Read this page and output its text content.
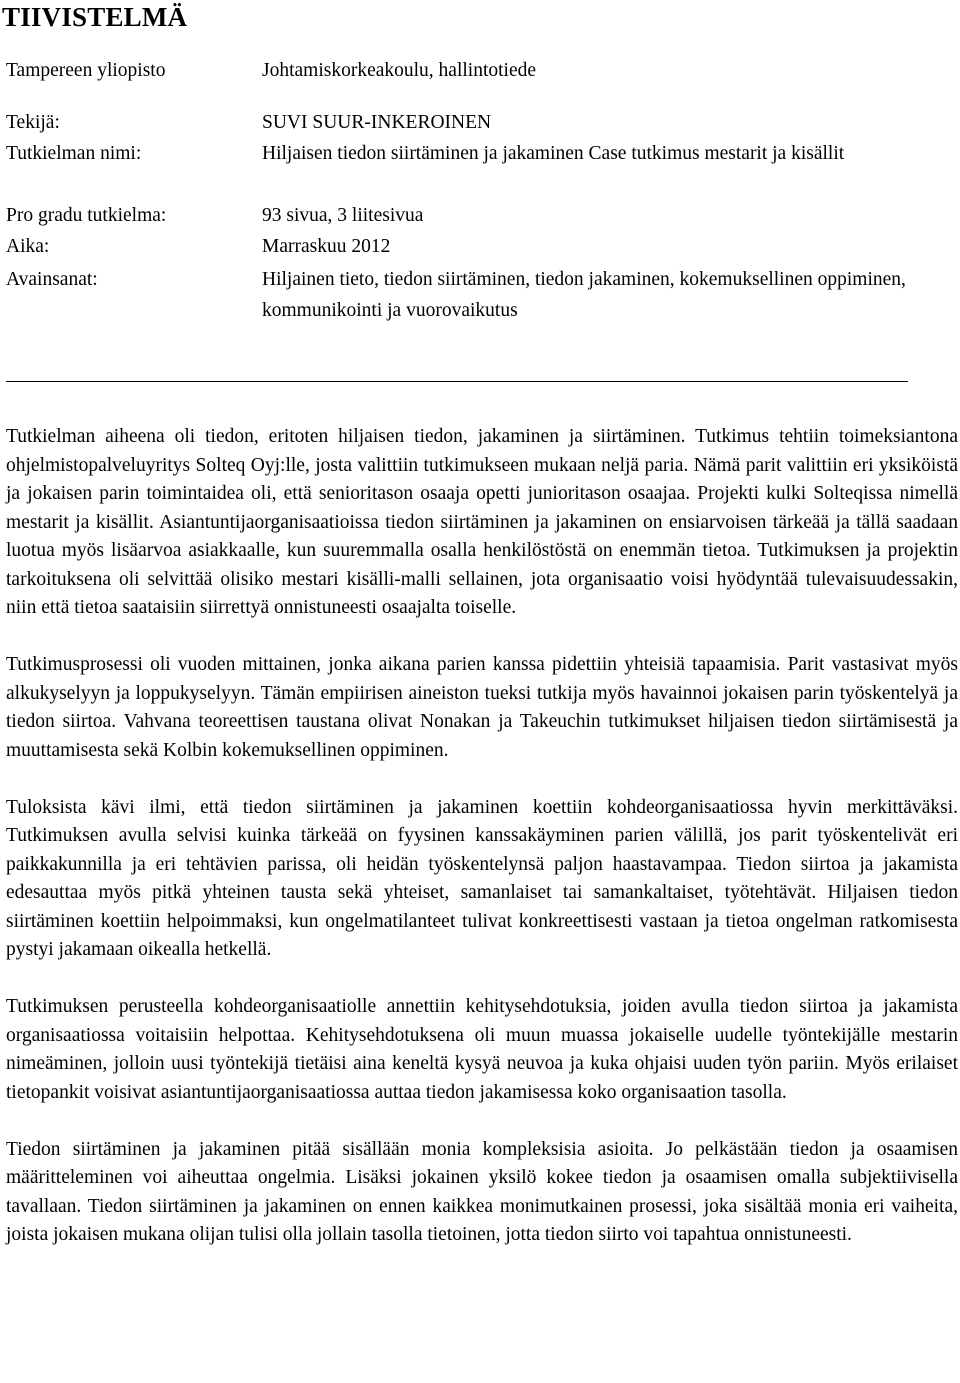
TIIVISTELMÄ
Tampereen yliopisto	Johtamiskorkeakoulu, hallintotiede
Tekijä:	SUVI SUUR-INKEROINEN
Tutkielman nimi:	Hiljaisen tiedon siirtäminen ja jakaminen Case tutkimus mestarit ja kisällit
Pro gradu tutkielma:	93 sivua, 3 liitesivua
Aika:	Marraskuu 2012
Avainsanat:	Hiljainen tieto, tiedon siirtäminen, tiedon jakaminen, kokemuksellinen oppiminen, kommunikointi ja vuorovaikutus

Tutkielman aiheena oli tiedon, eritoten hiljaisen tiedon, jakaminen ja siirtäminen. Tutkimus tehtiin toimeksiantona ohjelmistopalveluyritys Solteq Oyj:lle, josta valittiin tutkimukseen mukaan neljä paria. Nämä parit valittiin eri yksiköistä ja jokaisen parin toimintaidea oli, että senioritason osaaja opetti junioritason osaajaa. Projekti kulki Solteqissa nimellä mestarit ja kisällit. Asiantuntijaorganisaatioissa tiedon siirtäminen ja jakaminen on ensiarvoisen tärkeää ja tällä saadaan luotua myös lisäarvoa asiakkaalle, kun suuremmalla osalla henkilöstöstä on enemmän tietoa. Tutkimuksen ja projektin tarkoituksena oli selvittää olisiko mestari kisälli-malli sellainen, jota organisaatio voisi hyödyntää tulevaisuudessakin, niin että tietoa saataisiin siirrettyä onnistuneesti osaajalta toiselle.

Tutkimusprosessi oli vuoden mittainen, jonka aikana parien kanssa pidettiin yhteisiä tapaamisia. Parit vastasivat myös alkukyselyyn ja loppukyselyyn. Tämän empiirisen aineiston tueksi tutkija myös havainnoi jokaisen parin työskentelyä ja tiedon siirtoa. Vahvana teoreettisen taustana olivat Nonakan ja Takeuchin tutkimukset hiljaisen tiedon siirtämisestä ja muuttamisesta sekä Kolbin kokemuksellinen oppiminen.

Tuloksista kävi ilmi, että tiedon siirtäminen ja jakaminen koettiin kohdeorganisaatiossa hyvin merkittäväksi. Tutkimuksen avulla selvisi kuinka tärkeää on fyysinen kanssakäyminen parien välillä, jos parit työskentelivät eri paikkakunnilla ja eri tehtävien parissa, oli heidän työskentelynsä paljon haastavampaa. Tiedon siirtoa ja jakamista edesauttaa myös pitkä yhteinen tausta sekä yhteiset, samanlaiset tai samankaltaiset, työtehtävät. Hiljaisen tiedon siirtäminen koettiin helpoimmaksi, kun ongelmatilanteet tulivat konkreettisesti vastaan ja tietoa ongelman ratkomisesta pystyi jakamaan oikealla hetkellä.

Tutkimuksen perusteella kohdeorganisaatiolle annettiin kehitysehdotuksia, joiden avulla tiedon siirtoa ja jakamista organisaatiossa voitaisiin helpottaa. Kehitysehdotuksena oli muun muassa jokaiselle uudelle työntekijälle mestarin nimeäminen, jolloin uusi työntekijä tietäisi aina keneltä kysyä neuvoa ja kuka ohjaisi uuden työn pariin. Myös erilaiset tietopankit voisivat asiantuntijaorganisaatiossa auttaa tiedon jakamisessa koko organisaation tasolla.

Tiedon siirtäminen ja jakaminen pitää sisällään monia kompleksisia asioita. Jo pelkästään tiedon ja osaamisen määritteleminen voi aiheuttaa ongelmia. Lisäksi jokainen yksilö kokee tiedon ja osaamisen omalla subjektiivisella tavallaan. Tiedon siirtäminen ja jakaminen on ennen kaikkea monimutkainen prosessi, joka sisältää monia eri vaiheita, joista jokaisen mukana olijan tulisi olla jollain tasolla tietoinen, jotta tiedon siirto voi tapahtua onnistuneesti.
